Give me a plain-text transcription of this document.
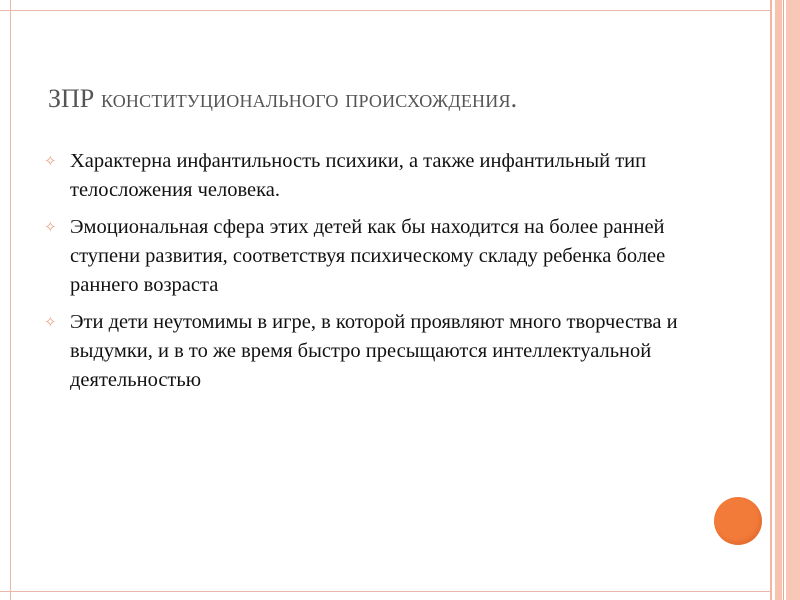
ЗПР конституционального происхождения.
✧ Характерна инфантильность психики, а также инфантильный тип телосложения человека.
✧ Эмоциональная сфера этих детей как бы находится на более ранней ступени развития, соответствуя психическому складу ребенка более раннего возраста
✧ Эти дети неутомимы в игре, в которой проявляют много творчества и выдумки, и в то же время быстро пресыщаются интеллектуальной деятельностью
